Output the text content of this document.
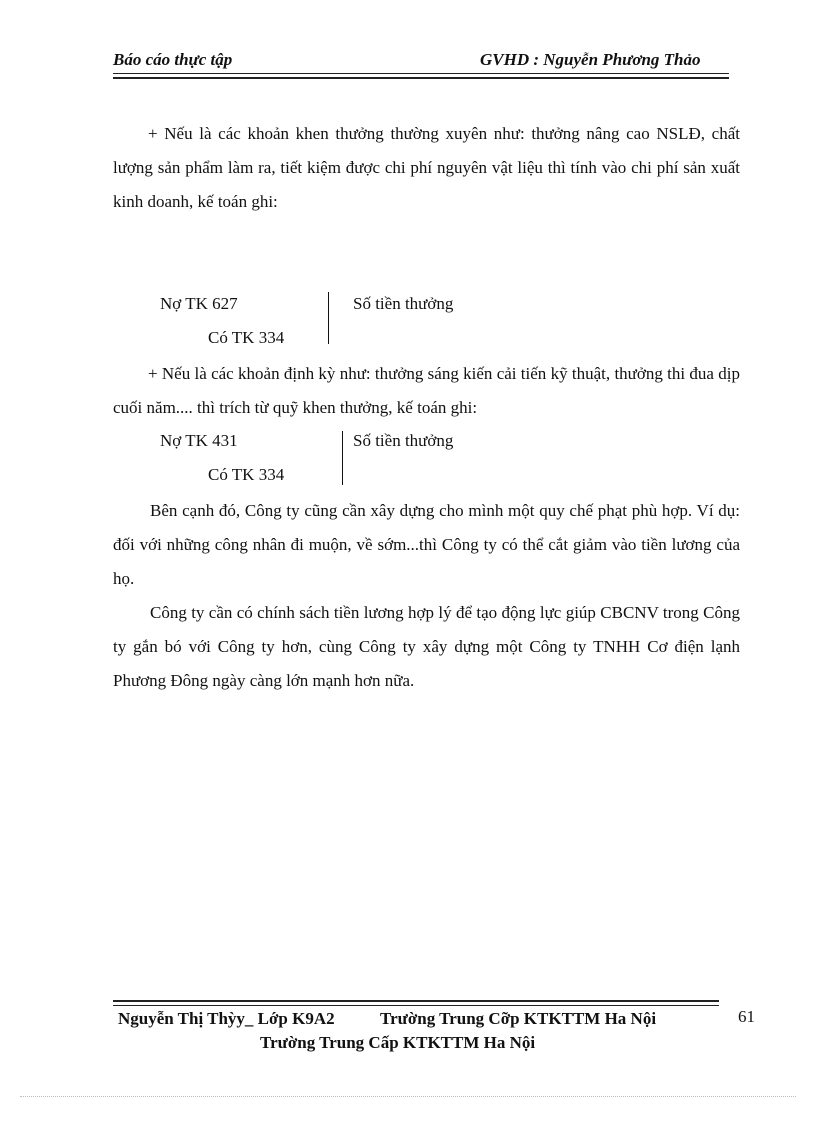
Báo cáo thực tập	GVHD : Nguyễn Phương Thảo
+ Nếu là các khoản khen thưởng thường xuyên như: thưởng nâng cao NSLĐ, chất lượng sản phẩm làm ra, tiết kiệm được chi phí nguyên vật liệu thì tính vào chi phí sản xuất kinh doanh, kế toán ghi:
Nợ TK 627
Có TK 334
Số tiền thưởng
+ Nếu là các khoản định kỳ như: thưởng sáng kiến cải tiến kỹ thuật, thưởng thi đua dịp cuối năm.... thì trích từ quỹ khen thưởng, kế toán ghi:
Nợ TK 431
Có TK 334
Số tiền thưởng
Bên cạnh đó, Công ty cũng cần xây dựng cho mình một quy chế phạt phù hợp. Ví dụ: đối với những công nhân đi muộn, về sớm...thì Công ty có thể cắt giảm vào tiền lương của họ.
Công ty cần có chính sách tiền lương hợp lý để tạo động lực giúp CBCNV trong Công ty gắn bó với Công ty hơn, cùng Công ty xây dựng một Công ty TNHH Cơ điện lạnh Phương Đông ngày càng lớn mạnh hơn nữa.
Nguyễn Thị Thỳy_ Lớp K9A2	Trường Trung Cỡp KTKTTM Ha Nội
Trường Trung Cấp KTKTTM Ha Nội
61
